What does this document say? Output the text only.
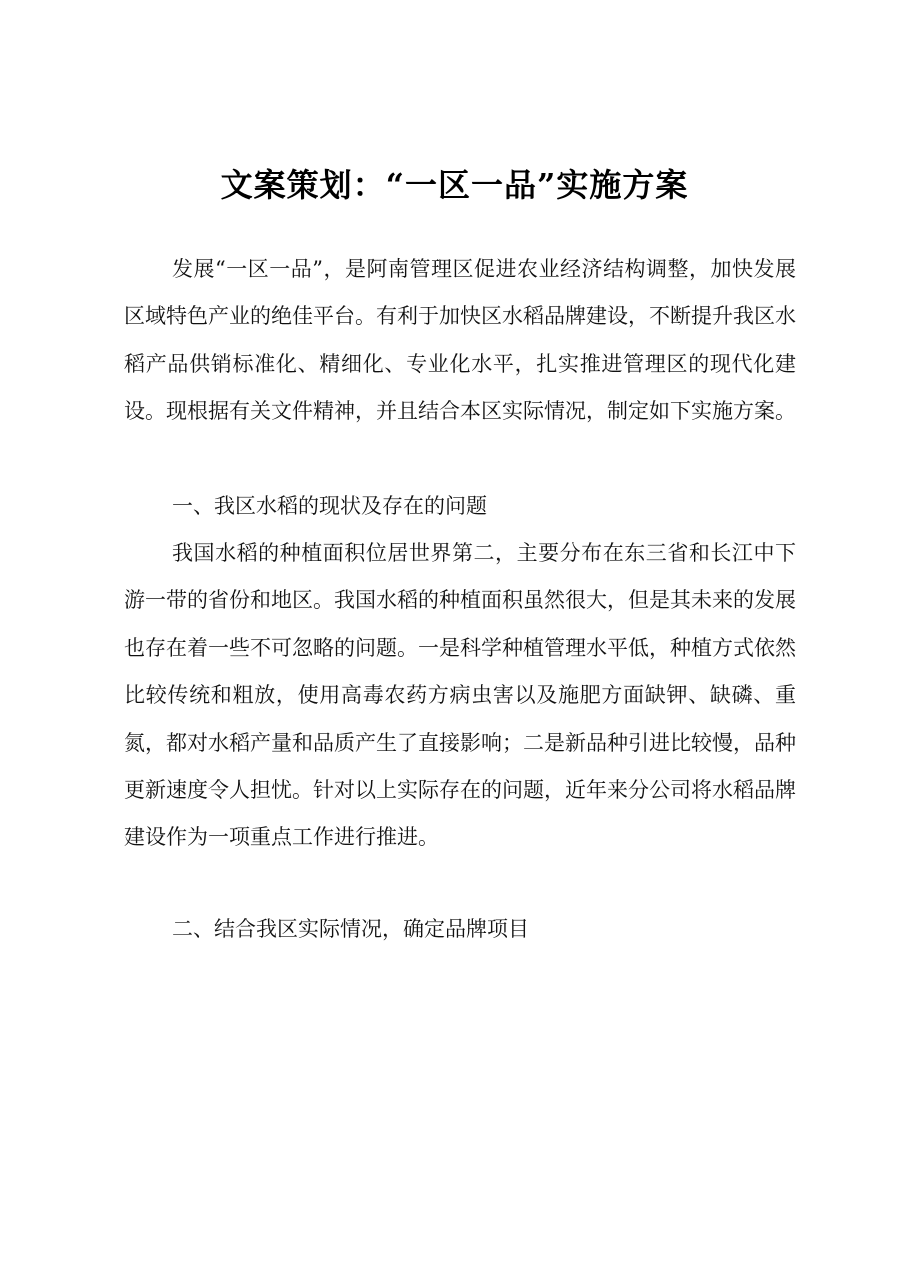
文案策划：“一区一品”实施方案

发展“一区一品”，是阿南管理区促进农业经济结构调整，加快发展区域特色产业的绝佳平台。有利于加快区水稻品牌建设，不断提升我区水稻产品供销标准化、精细化、专业化水平，扎实推进管理区的现代化建设。现根据有关文件精神，并且结合本区实际情况，制定如下实施方案。

一、我区水稻的现状及存在的问题

我国水稻的种植面积位居世界第二，主要分布在东三省和长江中下游一带的省份和地区。我国水稻的种植面积虽然很大，但是其未来的发展也存在着一些不可忽略的问题。一是科学种植管理水平低，种植方式依然比较传统和粗放，使用高毒农药方病虫害以及施肥方面缺钾、缺磷、重氮，都对水稻产量和品质产生了直接影响；二是新品种引进比较慢，品种更新速度令人担忧。针对以上实际存在的问题，近年来分公司将水稻品牌建设作为一项重点工作进行推进。

二、结合我区实际情况，确定品牌项目
